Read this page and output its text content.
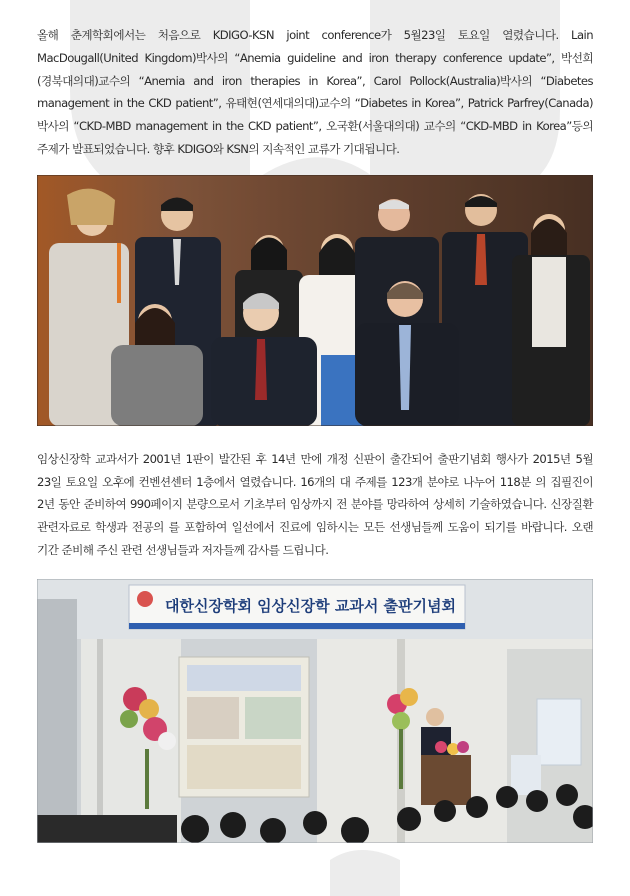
올해 춘계학회에서는 처음으로 KDIGO-KSN joint conference가 5월23일 토요일 열렸습니다. Lain MacDougall(United Kingdom)박사의 “Anemia guideline and iron therapy conference update”, 박선희(경북대의대)교수의 “Anemia and iron therapies in Korea”, Carol Pollock(Australia)박사의 “Diabetes management in the CKD patient”, 유태현(연세대의대)교수의 “Diabetes in Korea”, Patrick Parfrey(Canada)박사의 “CKD-MBD management in the CKD patient”, 오국환(서울대의대) 교수의 “CKD-MBD in Korea”등의 주제가 발표되었습니다. 향후 KDIGO와 KSN의 지속적인 교류가 기대됩니다.

임상신장학 교과서가 2001년 1판이 발간된 후 14년 만에 개정 신판이 출간되어 출판기념회 행사가 2015년 5월 23일 토요일 오후에 컨벤션센터 1층에서 열렸습니다. 16개의 대 주제를 123개 분야로 나누어 118분 의 집필진이 2년 동안 준비하여 990페이지 분량으로서 기초부터 임상까지 전 분야를 망라하여 상세히 기술하였습니다. 신장질환 관련자료로 학생과 전공의 를 포함하여 일선에서 진료에 임하시는 모든 선생님들께 도움이 되기를 바랍니다. 오랜 기간 준비해 주신 관련 선생님들과 저자들께 감사를 드립니다.

대한신장학회 임상신장학 교과서 출판기념회
